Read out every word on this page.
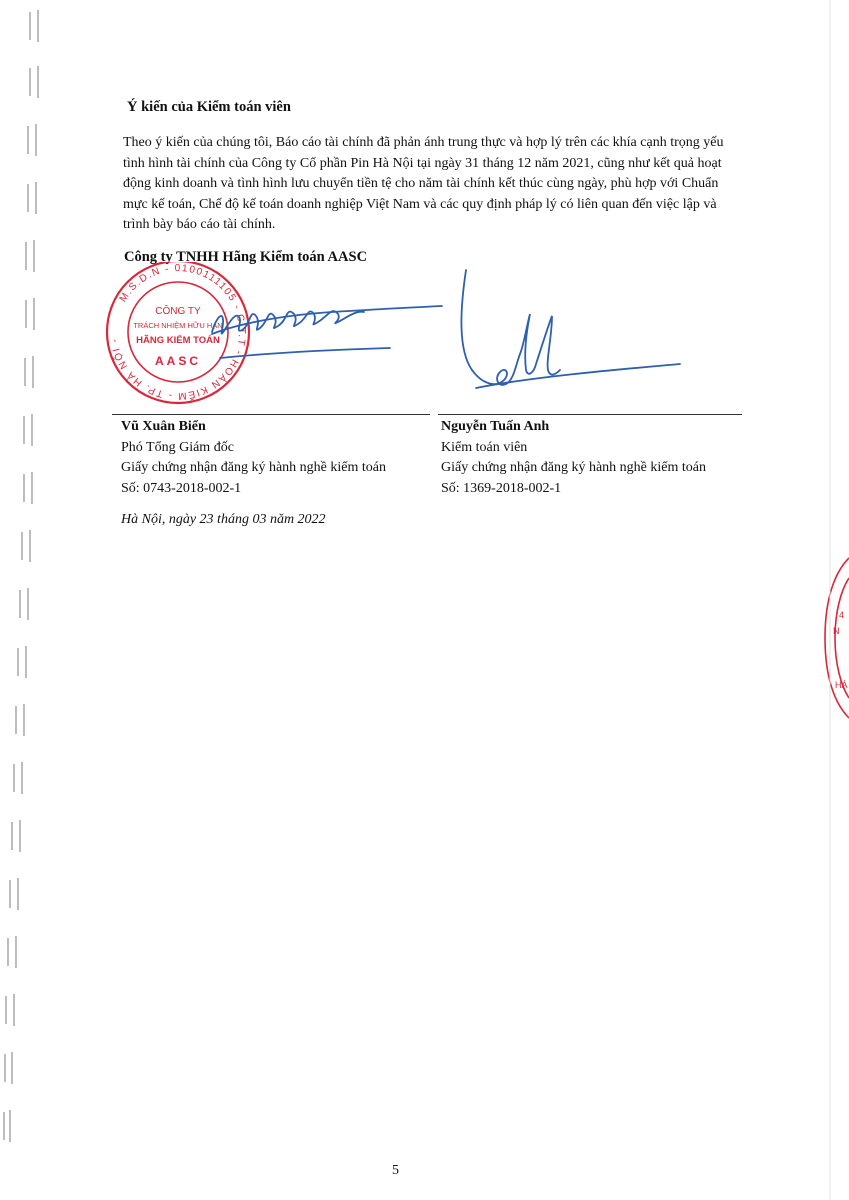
Ý kiến của Kiểm toán viên
Theo ý kiến của chúng tôi, Báo cáo tài chính đã phản ánh trung thực và hợp lý trên các khía cạnh trọng yếu
tình hình tài chính của Công ty Cổ phần Pin Hà Nội tại ngày 31 tháng 12 năm 2021, cũng như kết quả hoạt
động kinh doanh và tình hình lưu chuyển tiền tệ cho năm tài chính kết thúc cùng ngày, phù hợp với Chuẩn
mực kế toán, Chế độ kế toán doanh nghiệp Việt Nam và các quy định pháp lý có liên quan đến việc lập và
trình bày báo cáo tài chính.
Công ty TNHH Hãng Kiểm toán AASC
M.S.D.N - 0100111105 - C.T.T - HOÀN KIẾM - TP. HÀ NỘI -
CÔNG TY
TRÁCH NHIỆM HỮU HẠN
HÃNG KIỂM TOÁN
AASC
Vũ Xuân Biển
Phó Tổng Giám đốc
Giấy chứng nhận đăng ký hành nghề kiểm toán
Số: 0743-2018-002-1
Nguyễn Tuấn Anh
Kiểm toán viên
Giấy chứng nhận đăng ký hành nghề kiểm toán
Số: 1369-2018-002-1
Hà Nội, ngày 23 tháng 03 năm 2022
5
4
N
HÀ
